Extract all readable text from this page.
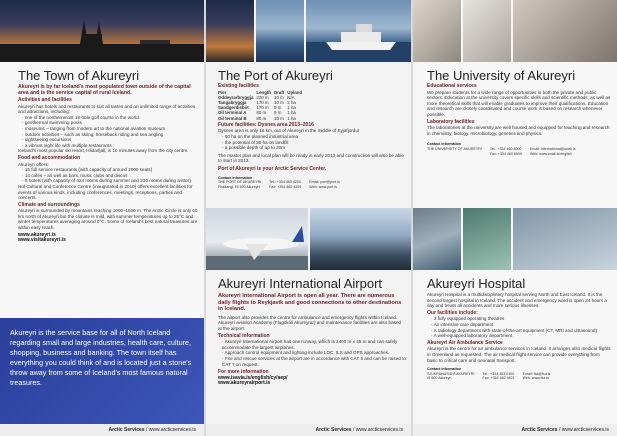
The Town of Akureyri
Akureyri is by far Iceland's most populated town outside of the capital area and is the service capital of rural Iceland.
Activities and facilities
Akureyri has hotels and restaurants to suit all tastes and an unlimited range of activities and attractions, including:
· one of the northernmost 18-hole golf course in the world
· geothermal swimming pools
· museums – ranging from modern art to the national aviation museum
· outdoor activities – such as skiing, horseback riding and sea angling
· sightseeing excursions
· a vibrant night life with multiple restaurants
Iceland's most popular ski resort, Hlidarfjall, is 10 minutes away from the city centre.
Food and accommodation
Akureyri offers:
· 15 full service restaurants (with capacity of around 2000 seats)
· 14 cafés – as well as bars, music clubs and discos
· 5 hotels (with capacity of 424 rooms during summer and 220 rooms during winter)
Hof Cultural and Conference Centre (inaugurated in 2010) offers excellent facilities for events of various kinds, including conferences, meetings, receptions, parties and concerts.
Climate and surroundings
Akureyri is surrounded by mountains reaching 1000–1500 m. The Arctic Circle is only 60 km north of Akureyri but the climate is mild, with summer temperatures up to 25°C and winter temperatures averaging around 0°C. Some of Iceland's best natural treasures are within easy reach.
www.akureyri.is
www.visitakureyri.is
Akureyri is the service base for all of North Iceland regarding small and large industries, health care, culture, shopping, business and banking. The town itself has everything you could think of and is located just a stone's throw away from some of Iceland's most famous natural treasures.
Arctic Services / www.arcticservices.is
The Port of Akureyri
Existing facilities
Pier	Length	Draft	Upland
Oddeyrarbryggja	220 m	10 m	N/A
Tangabryggja	170 m	10 m	2 ha
Sandgerdisbót	170 m	9 m	1 ha
Oil terminal A	80 m	9 m	1 ha
Oil terminal B	80 m	10 m	1 ha
Future facilities: Dysnes area 2013–2016
Dysnes area is only 16 km, out of Akureyri in the middle of Eyjafjordur
· 60 ha on the planned industrial area
· the potential of 30 ha on landfill
· a possible depth of up to 30m
The master plan and local plan will be ready in early 2013 and construction will also be able to start in 2013.
Port of Akureyri is your Arctic Service Center.
Contact information
THE PORT OF AKUREYRI
Fiskitangi, IS 600 Akureyri
Tel.: +354 460 4200
Fax: +354 460 4209
Email: port@port.is
Web: www.port.is
Akureyri International Airport
Akureyri International Airport is open all year. There are numerous daily flights to Reykjavík and good connections to other destinations in Iceland.
The airport also provides the centre for ambulance and emergency flights within Iceland. Akureyri aviation Academy (Flugskóli Akureyrar) and maintenance facilities are also based at the airport.
Technical information
· Akureyri International Airport has one runway, which is 2400 m x 45 m and can safely accommodate the largest airplanes.
· Approach control equipment and lighting include LOC, ILS and GPS approaches.
· Fire and rescue services at the airport are in accordance with CAT 5 and can be raised to CAT 7 on request.
For more information
www.isavia.is/english/cy/aep/
www.akureyrairport.is
Arctic Services / www.arcticservices.is
The University of Akureyri
Educational services
We prepare students for a wide range of opportunities in both the private and public sectors. Education at the university covers specific skills and scientific methods, as well as more theoretical skills that will enable graduates to improve their qualifications. Education and research are closely coordinated and course work is based on research whenever possible.
Laboratory facilities
The laboratories at the university are well housed and equipped for teaching and research in chemistry, biology, microbiology, genetics and physics.
Contact information
THE UNIVERSITY OF AKUREYRI Tel.: +354 460 8000
Fax: +354 460 8999
Email: international@unak.is
Web: www.unak.is/english
Akureyri Hospital
Akureyri Hospital is a multidisciplinary hospital serving North and East Iceland. It is the second largest hospital in Iceland. The accident and emergency ward is open 24 hours a day and treats all accidents and more serious illnesses.
Our facilities include:
· 3 fully equipped operating theatres
· An intensive care department
· A radiology department with state-of-the-art equipment (CT, MRI and ultrasound)
· A well-equipped laboratory department
Akureyri Air Ambulance Service
Akureyri is the centre for air ambulance services in Iceland. It arranges also medical flights in Greenland as requested. The air medical flight service can provide everything from basic to critical care and neonatal transport.
Contact information
SJUKRAHUSID A AKUREYRI
IS 600 Akureyri
Tel.: +354 463 0100
Fax: +354 462 4621
Email: fsa@fsa.is
Web: www.fsa.is
Arctic Services / www.arcticservices.is
